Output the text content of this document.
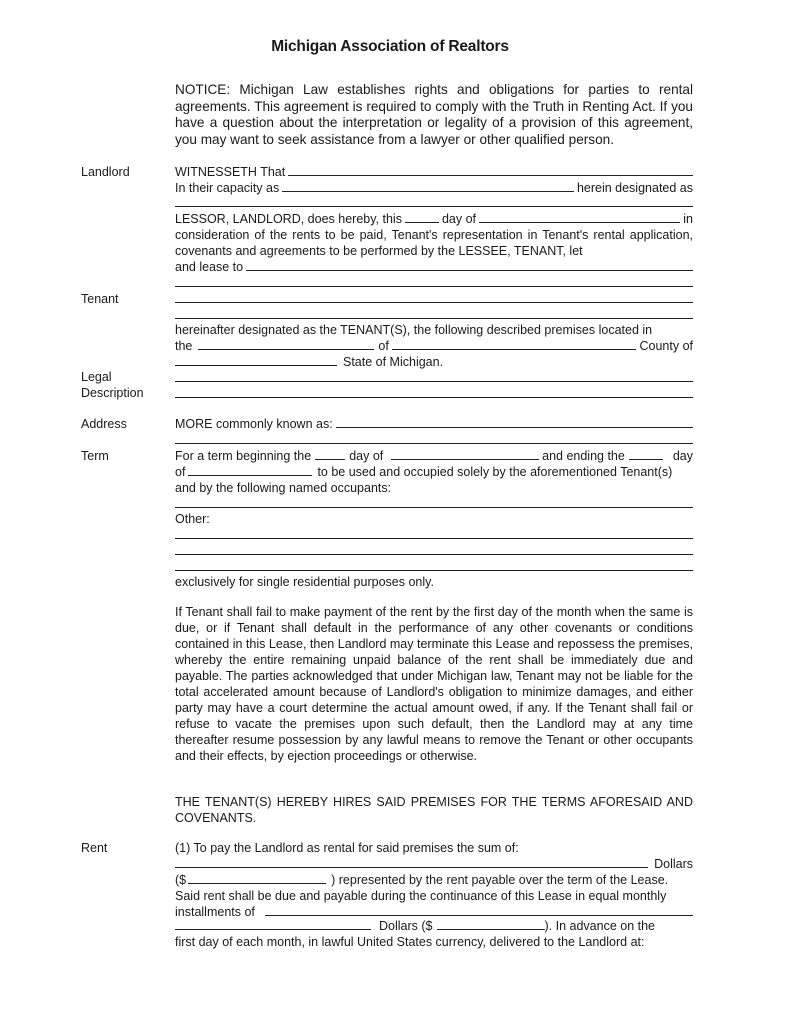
Michigan Association of Realtors
NOTICE: Michigan Law establishes rights and obligations for parties to rental agreements. This agreement is required to comply with the Truth in Renting Act. If you have a question about the interpretation or legality of a provision of this agreement, you may want to seek assistance from a lawyer or other qualified person.
Landlord	WITNESSETH That
In their capacity as	herein designated as
LESSOR, LANDLORD, does hereby, this	day of	in
consideration of the rents to be paid, Tenant's representation in Tenant's rental application, covenants and agreements to be performed by the LESSEE, TENANT, let
and lease to
Tenant
hereinafter designated as the TENANT(S), the following described premises located in
the	of	County of
State of Michigan.
Legal
Description
Address	MORE commonly known as:
Term	For a term beginning the	day of	and ending the	day
of	to be used and occupied solely by the aforementioned Tenant(s)
and by the following named occupants:
Other:
exclusively for single residential purposes only.
If Tenant shall fail to make payment of the rent by the first day of the month when the same is due, or if Tenant shall default in the performance of any other covenants or conditions contained in this Lease, then Landlord may terminate this Lease and repossess the premises, whereby the entire remaining unpaid balance of the rent shall be immediately due and payable. The parties acknowledged that under Michigan law, Tenant may not be liable for the total accelerated amount because of Landlord's obligation to minimize damages, and either party may have a court determine the actual amount owed, if any. If the Tenant shall fail or refuse to vacate the premises upon such default, then the Landlord may at any time thereafter resume possession by any lawful means to remove the Tenant or other occupants and their effects, by ejection proceedings or otherwise.
THE TENANT(S) HEREBY HIRES SAID PREMISES FOR THE TERMS AFORESAID AND COVENANTS.
Rent	(1) To pay the Landlord as rental for said premises the sum of:
Dollars
($	) represented by the rent payable over the term of the Lease.
Said rent shall be due and payable during the continuance of this Lease in equal monthly
installments of
Dollars ($	). In advance on the
first day of each month, in lawful United States currency, delivered to the Landlord at:
